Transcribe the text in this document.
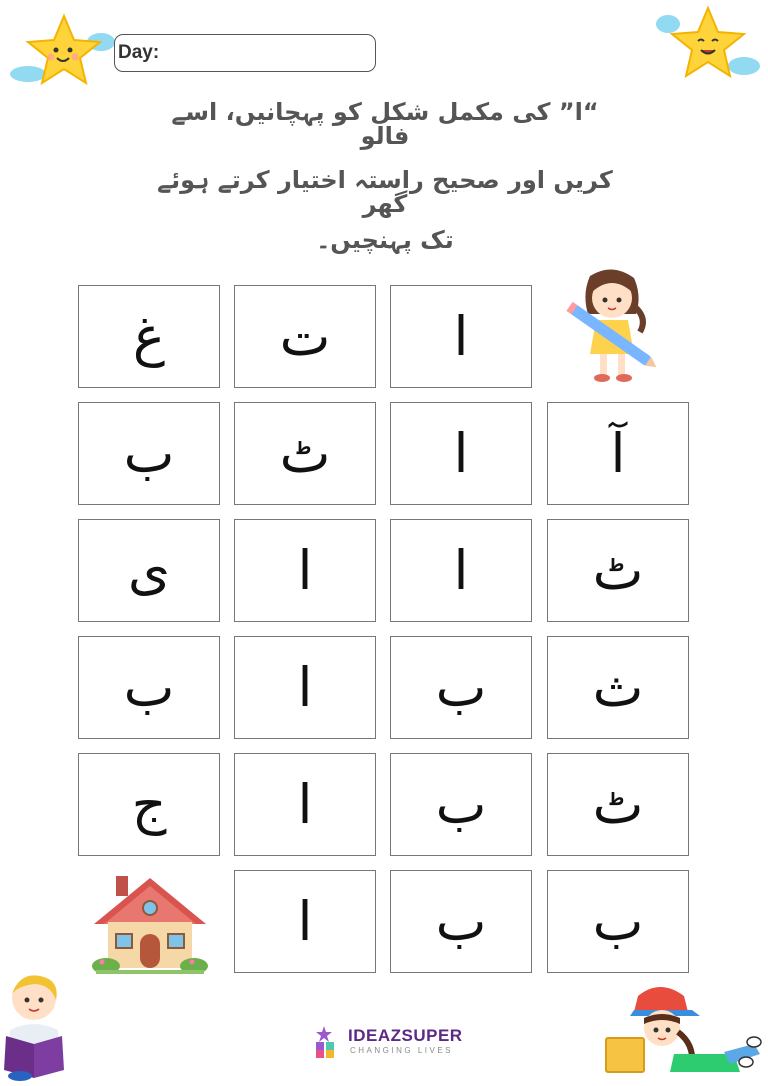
Day:
“ا” کی مکمل شکل کو پہچانیں، اسے فالو
کریں اور صحیح راستہ اختیار کرتے ہوئے گھر
تک پہنچیں۔
ا
ت
غ
آ
ا
ٹ
ب
ٹ
ا
ا
ی
ث
ب
ا
ب
ٹ
ب
ا
ج
ب
ب
ا
IDEAZSUPER
CHANGING LIVES
